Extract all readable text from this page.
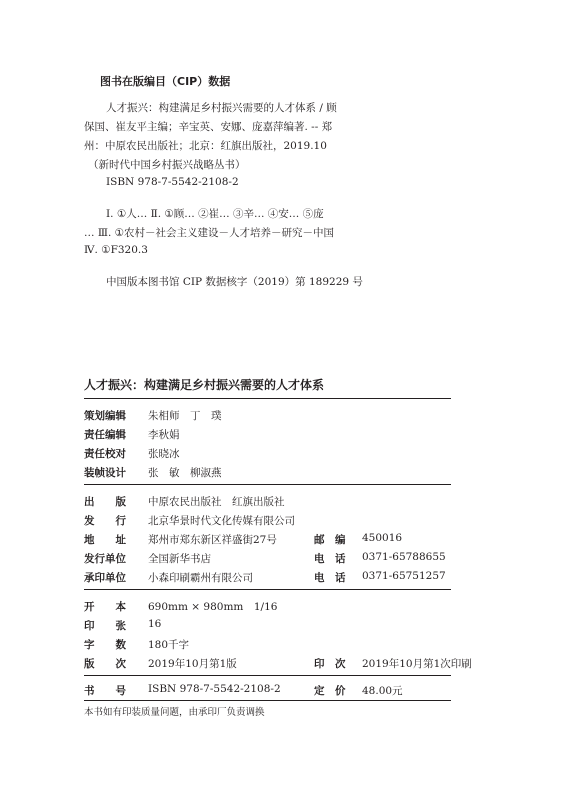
图书在版编目（CIP）数据
人才振兴：构建满足乡村振兴需要的人才体系 / 顾
保国、崔友平主编；辛宝英、安娜、庞嘉萍编著. -- 郑
州：中原农民出版社；北京：红旗出版社，2019.10
（新时代中国乡村振兴战略丛书）
ISBN 978-7-5542-2108-2
Ⅰ. ①人… Ⅱ. ①顾… ②崔… ③辛… ④安… ⑤庞
… Ⅲ. ①农村－社会主义建设－人才培养－研究－中国
Ⅳ. ①F320.3
中国版本图书馆 CIP 数据核字（2019）第 189229 号
人才振兴：构建满足乡村振兴需要的人才体系
策划编辑 朱相师　丁　璞
责任编辑 李秋娟
责任校对 张晓冰
装帧设计 张　敏　柳淑燕
出　　版 中原农民出版社　红旗出版社
发　　行 北京华景时代文化传媒有限公司
地　　址 郑州市郑东新区祥盛街27号	邮　编 450016
发行单位 全国新华书店	电　话 0371-65788655
承印单位 小森印刷霸州有限公司	电　话 0371-65751257
开　　本 690mm × 980mm　1/16
印　　张 16
字　　数 180千字
版　　次 2019年10月第1版	印　次 2019年10月第1次印刷
书　　号 ISBN 978-7-5542-2108-2	定　价 48.00元
本书如有印装质量问题，由承印厂负责调换
